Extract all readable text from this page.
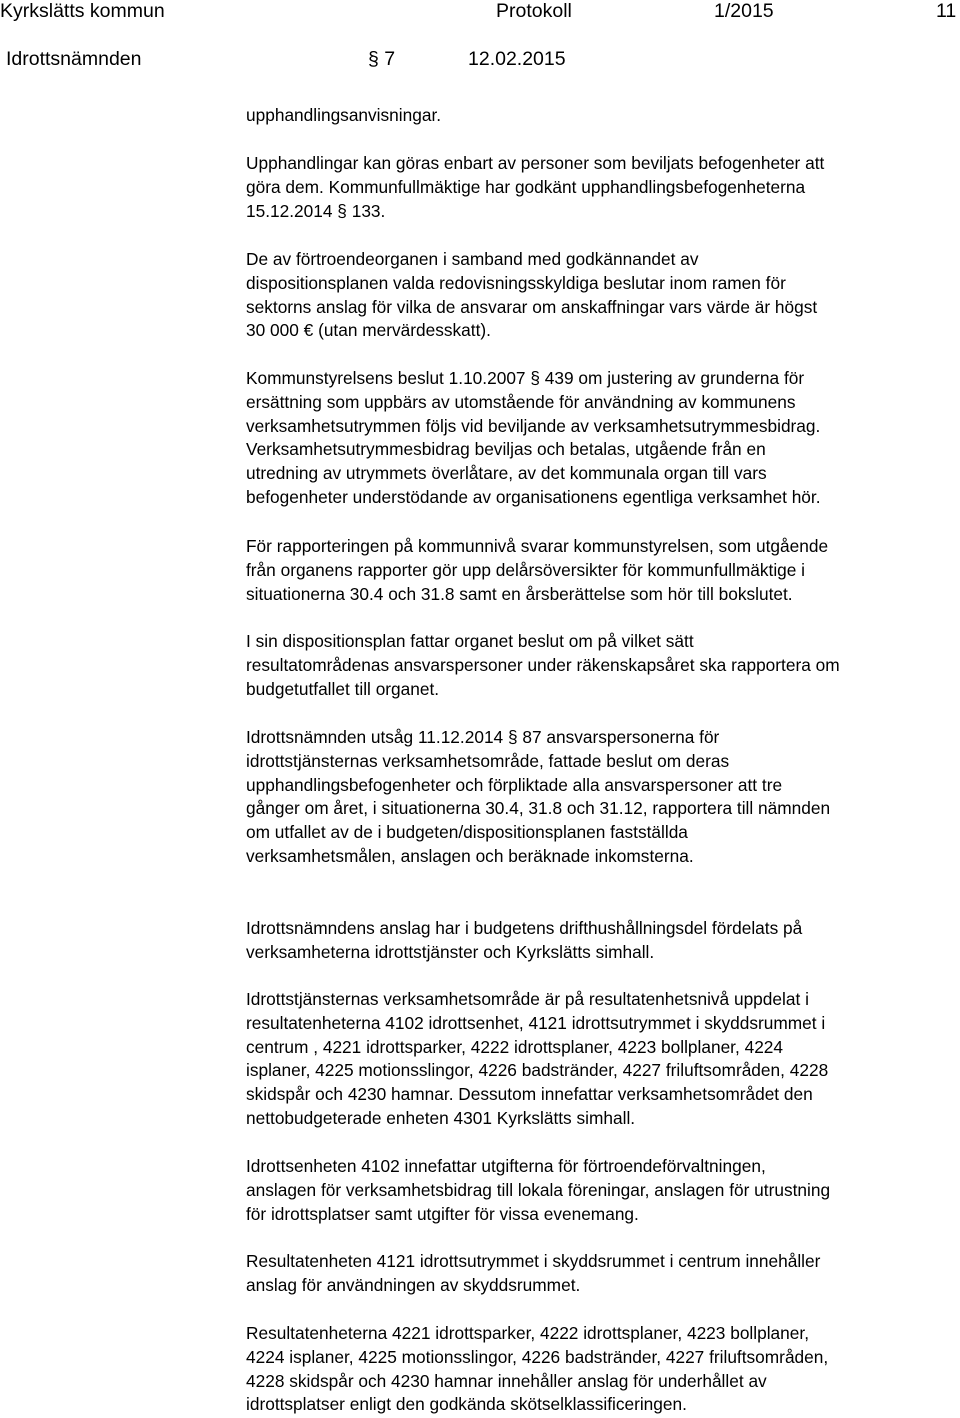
Kyrkslätts kommun	Protokoll	1/2015	11
Idrottsnämnden	§ 7	12.02.2015

upphandlingsanvisningar.

Upphandlingar kan göras enbart av personer som beviljats befogenheter att
göra dem. Kommunfullmäktige har godkänt upphandlingsbefogenheterna
15.12.2014 § 133.

De av förtroendeorganen i samband med godkännandet av
dispositionsplanen valda redovisningsskyldiga beslutar inom ramen för
sektorns anslag för vilka de ansvarar om anskaffningar vars värde är högst
30 000 € (utan mervärdesskatt).

Kommunstyrelsens beslut 1.10.2007 § 439 om justering av grunderna för
ersättning som uppbärs av utomstående för användning av kommunens
verksamhetsutrymmen följs vid beviljande av verksamhetsutrymmesbidrag.
Verksamhetsutrymmesbidrag beviljas och betalas, utgående från en
utredning av utrymmets överlåtare, av det kommunala organ till vars
befogenheter understödande av organisationens egentliga verksamhet hör.

För rapporteringen på kommunnivå svarar kommunstyrelsen, som utgående
från organens rapporter gör upp delårsöversikter för kommunfullmäktige i
situationerna 30.4 och 31.8 samt en årsberättelse som hör till bokslutet.

I sin dispositionsplan fattar organet beslut om på vilket sätt
resultatområdenas ansvarspersoner under räkenskapsåret ska rapportera om
budgetutfallet till organet.

Idrottsnämnden utsåg 11.12.2014 § 87 ansvarspersonerna för
idrottstjänsternas verksamhetsområde, fattade beslut om deras
upphandlingsbefogenheter och förpliktade alla ansvarspersoner att tre
gånger om året, i situationerna 30.4, 31.8 och 31.12, rapportera till nämnden
om utfallet av de i budgeten/dispositionsplanen fastställda
verksamhetsmålen, anslagen och beräknade inkomsterna.

Idrottsnämndens anslag har i budgetens drifthushållningsdel fördelats på
verksamheterna idrottstjänster och Kyrkslätts simhall.

Idrottstjänsternas verksamhetsområde är på resultatenhetsnivå uppdelat i
resultatenheterna 4102 idrottsenhet, 4121 idrottsutrymmet i skyddsrummet i
centrum , 4221 idrottsparker, 4222 idrottsplaner, 4223 bollplaner, 4224
isplaner, 4225 motionsslingor, 4226 badstränder, 4227 friluftsområden, 4228
skidspår och 4230 hamnar. Dessutom innefattar verksamhetsområdet den
nettobudgeterade enheten 4301 Kyrkslätts simhall.

Idrottsenheten 4102 innefattar utgifterna för förtroendeförvaltningen,
anslagen för verksamhetsbidrag till lokala föreningar, anslagen för utrustning
för idrottsplatser samt utgifter för vissa evenemang.

Resultatenheten 4121 idrottsutrymmet i skyddsrummet i centrum innehåller
anslag för användningen av skyddsrummet.

Resultatenheterna 4221 idrottsparker, 4222 idrottsplaner, 4223 bollplaner,
4224 isplaner, 4225 motionsslingor, 4226 badstränder, 4227 friluftsområden,
4228 skidspår och 4230 hamnar innehåller anslag för underhållet av
idrottsplatser enligt den godkända skötselklassificeringen.
